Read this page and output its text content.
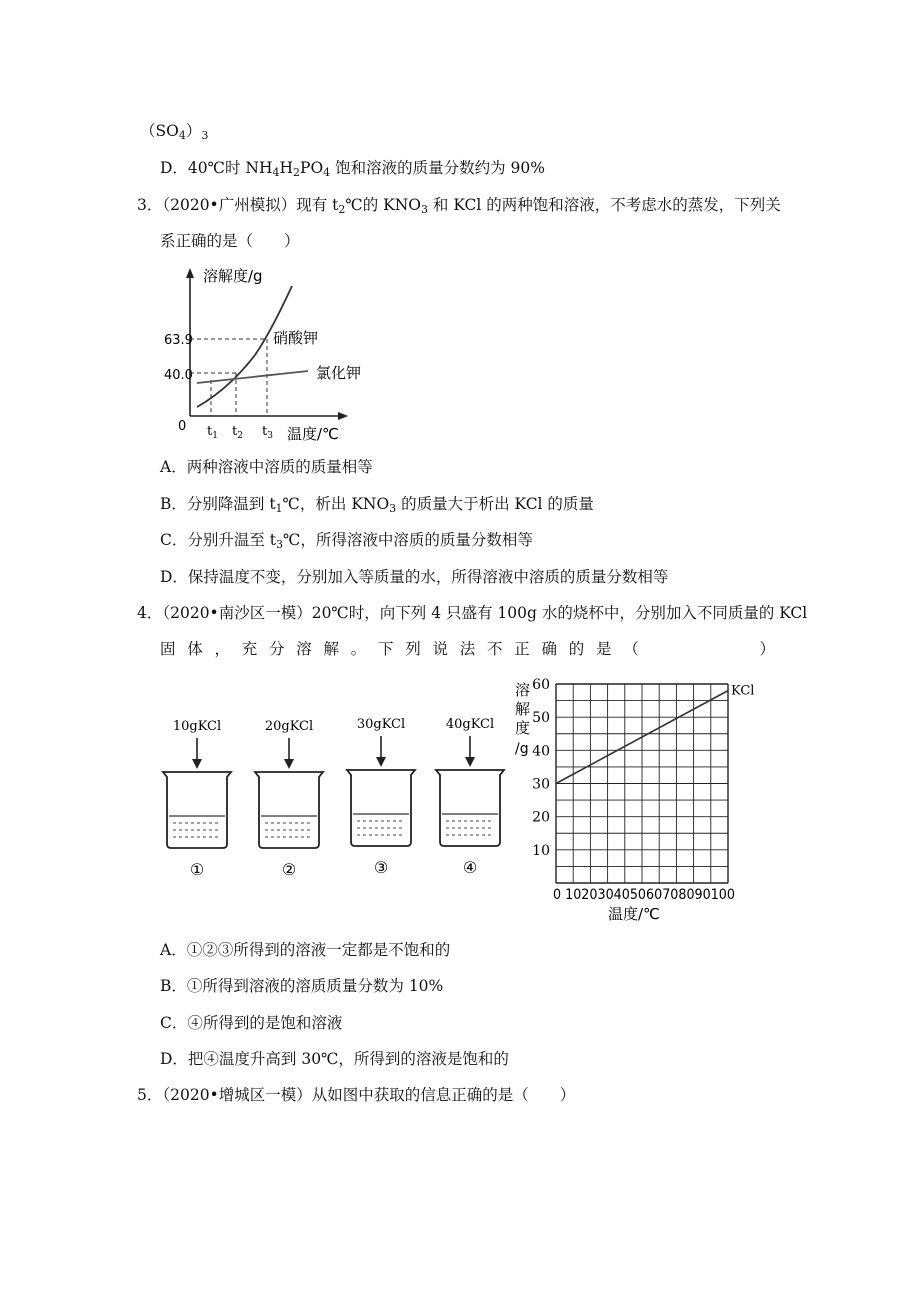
$(SO_4)_3$
D．40℃时 $NH_4H_2PO_4$ 饱和溶液的质量分数约为 90%
3．（2020•广州模拟）现有 $t_2℃$的 $KNO_3$ 和 KCl 的两种饱和溶液，不考虑水的蒸发，下列关
系正确的是（　　）
溶解度/g
温度/℃
0
63.9
40.0
硝酸钾
氯化钾
$t_1$ $t_2$ $t_3$
A．两种溶液中溶质的质量相等
B．分别降温到 $t_1℃$，析出 $KNO_3$ 的质量大于析出 KCl 的质量
C．分别升温至 $t_3℃$，所得溶液中溶质的质量分数相等
D．保持温度不变，分别加入等质量的水，所得溶液中溶质的质量分数相等
4．（2020•南沙区一模）20℃时，向下列 4 只盛有 100g 水的烧杯中，分别加入不同质量的 KCl
固体，充分溶解。下列说法不正确的是（　　　　）
10gKCl
①
20gKCl
②
30gKCl
③
40gKCl
④
KCl
60
50
40
30
20
10
溶
解
度
/g
0 102030405060708090100
温度/℃
A．①②③所得到的溶液一定都是不饱和的
B．①所得到溶液的溶质质量分数为 10%
C．④所得到的是饱和溶液
D．把④温度升高到 30℃，所得到的溶液是饱和的
5．（2020•增城区一模）从如图中获取的信息正确的是（　　）
